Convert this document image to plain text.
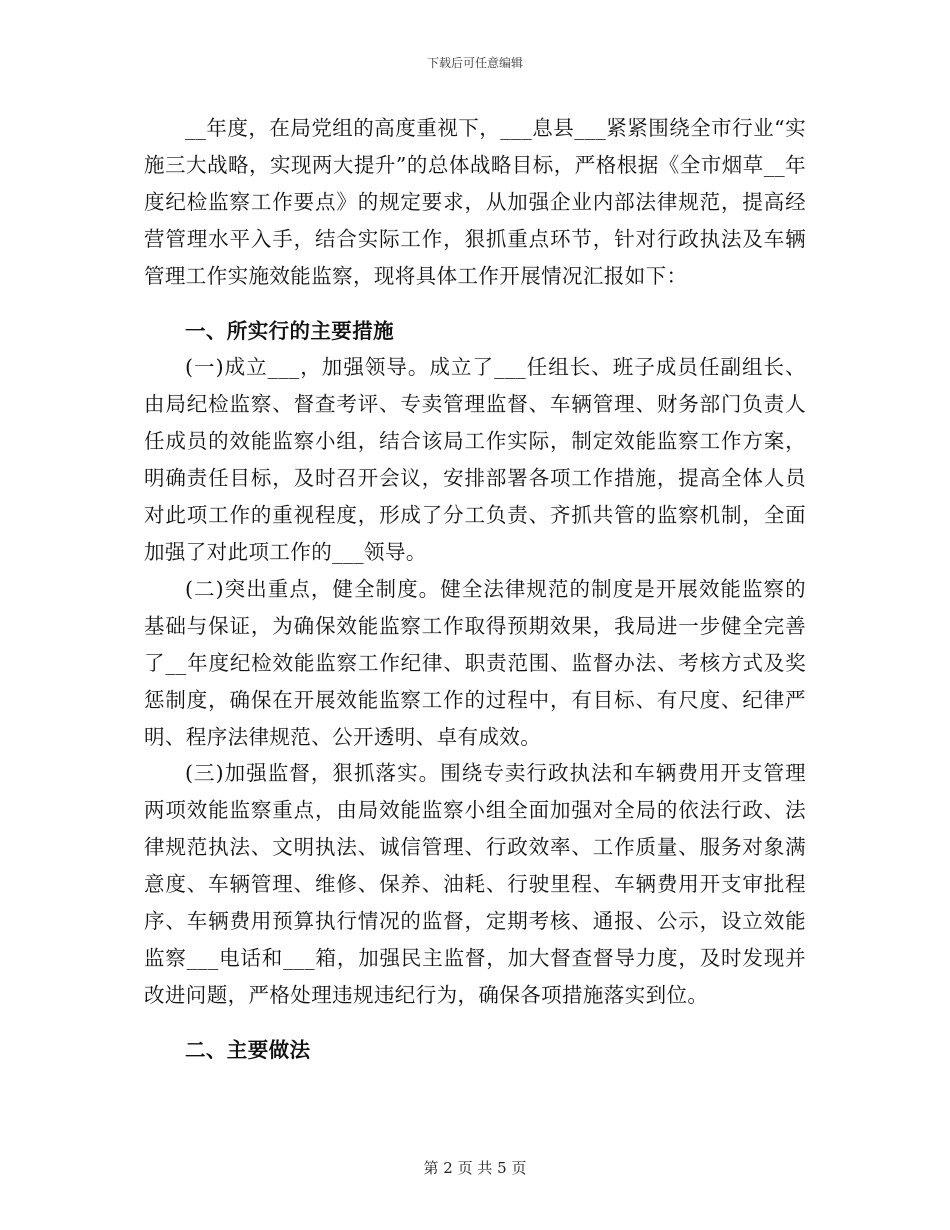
下载后可任意编辑

__年度，在局党组的高度重视下，___息县___紧紧围绕全市行业“实施三大战略，实现两大提升”的总体战略目标，严格根据《全市烟草__年度纪检监察工作要点》的规定要求，从加强企业内部法律规范，提高经营管理水平入手，结合实际工作，狠抓重点环节，针对行政执法及车辆管理工作实施效能监察，现将具体工作开展情况汇报如下：

一、所实行的主要措施

(一)成立___，加强领导。成立了___任组长、班子成员任副组长、由局纪检监察、督查考评、专卖管理监督、车辆管理、财务部门负责人任成员的效能监察小组，结合该局工作实际，制定效能监察工作方案，明确责任目标，及时召开会议，安排部署各项工作措施，提高全体人员对此项工作的重视程度，形成了分工负责、齐抓共管的监察机制，全面加强了对此项工作的___领导。

(二)突出重点，健全制度。健全法律规范的制度是开展效能监察的基础与保证，为确保效能监察工作取得预期效果，我局进一步健全完善了__年度纪检效能监察工作纪律、职责范围、监督办法、考核方式及奖惩制度，确保在开展效能监察工作的过程中，有目标、有尺度、纪律严明、程序法律规范、公开透明、卓有成效。

(三)加强监督，狠抓落实。围绕专卖行政执法和车辆费用开支管理两项效能监察重点，由局效能监察小组全面加强对全局的依法行政、法律规范执法、文明执法、诚信管理、行政效率、工作质量、服务对象满意度、车辆管理、维修、保养、油耗、行驶里程、车辆费用开支审批程序、车辆费用预算执行情况的监督，定期考核、通报、公示，设立效能监察___电话和___箱，加强民主监督，加大督查督导力度，及时发现并改进问题，严格处理违规违纪行为，确保各项措施落实到位。

二、主要做法
第 2 页 共 5 页
